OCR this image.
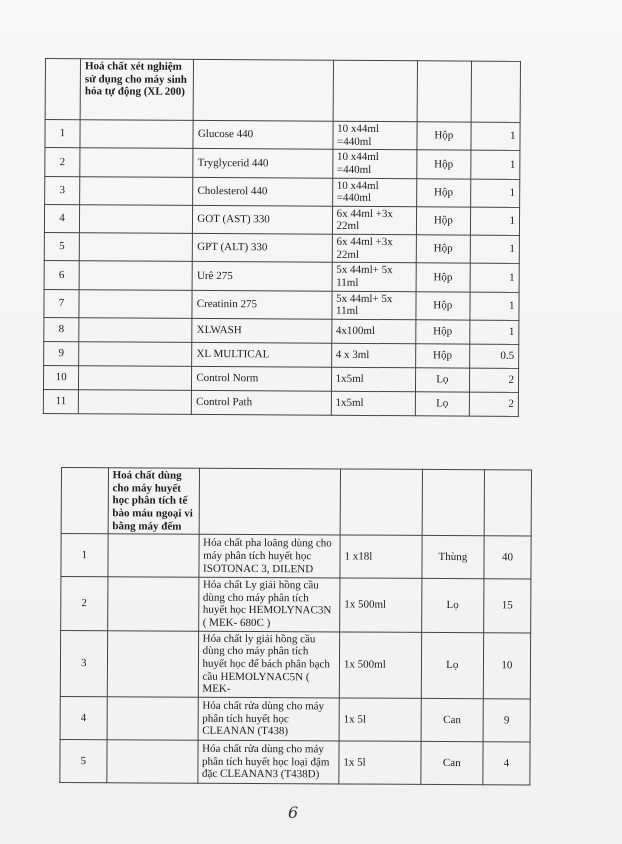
	Hoá chất xét nghiệm sử dụng cho máy sinh hóa tự động (XL 200)				
1		Glucose 440	10 x44ml =440ml	Hộp	1
2		Tryglycerid 440	10 x44ml =440ml	Hộp	1
3		Cholesterol 440	10 x44ml =440ml	Hộp	1
4		GOT (AST) 330	6x 44ml +3x 22ml	Hộp	1
5		GPT (ALT) 330	6x 44ml +3x 22ml	Hộp	1
6		Urê 275	5x 44ml+ 5x 11ml	Hộp	1
7		Creatinin 275	5x 44ml+ 5x 11ml	Hộp	1
8		XLWASH	4x100ml	Hộp	1
9		XL MULTICAL	4 x 3ml	Hộp	0.5
10		Control Norm	1x5ml	Lọ	2
11		Control Path	1x5ml	Lọ	2
	Hoá chất dùng cho máy huyết học phân tích tế bào máu ngoại vi bằng máy đếm				
1		Hóa chất pha loãng dùng cho máy phân tích huyết học ISOTONAC 3, DILEND	1 x18l	Thùng	40
2		Hóa chất Ly giải hồng cầu dùng cho máy phân tích huyết học HEMOLYNAC3N ( MEK- 680C )	1x 500ml	Lọ	15
3		Hóa chất ly giải hồng cầu dùng cho máy phân tích huyết học để bách phân bạch cầu HEMOLYNAC5N ( MEK-	1x 500ml	Lọ	10
4		Hóa chất rửa dùng cho máy phân tích huyết học CLEANAN (T438)	1x 5l	Can	9
5		Hóa chất rửa dùng cho máy phân tích huyết học loại đậm đặc CLEANAN3 (T438D)	1x 5l	Can	4
6
